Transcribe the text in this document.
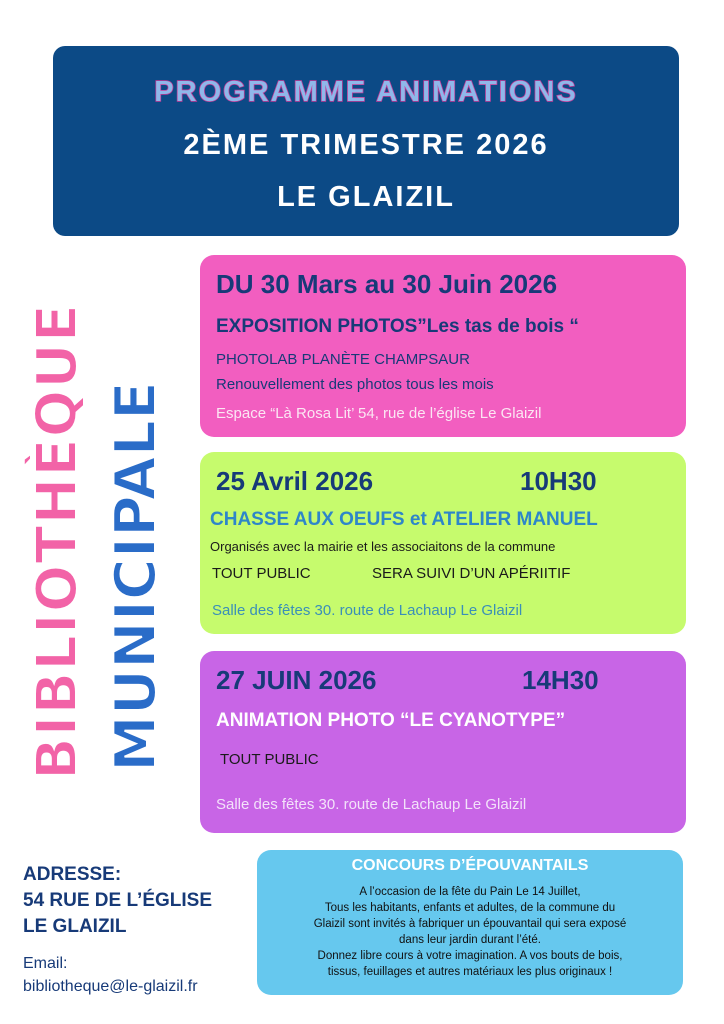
PROGRAMME ANIMATIONS
2ÈME TRIMESTRE 2026
LE GLAIZIL
BIBLIOTHÈQUE MUNICIPALE
DU 30 Mars au 30 Juin 2026
EXPOSITION PHOTOS”Les tas de bois “
PHOTOLAB PLANÈTE CHAMPSAUR
Renouvellement des photos tous les mois
Espace “Là Rosa Lit’ 54, rue de l’église Le Glaizil
25 Avril 2026	10H30
CHASSE AUX OEUFS et ATELIER MANUEL
Organisés avec la mairie et les associaitons de la commune
TOUT PUBLIC	SERA SUIVI D’UN APÉRIITIF
Salle des fêtes 30. route de Lachaup Le Glaizil
27 JUIN 2026	14H30
ANIMATION PHOTO “LE CYANOTYPE”
TOUT PUBLIC
Salle des fêtes 30. route de Lachaup Le Glaizil
ADRESSE:
54 RUE DE L’ÉGLISE
LE GLAIZIL
Email:
bibliotheque@le-glaizil.fr
CONCOURS D’ÉPOUVANTAILS
A l’occasion de la fête du Pain Le 14 Juillet,
Tous les habitants, enfants et adultes, de la commune du
Glaizil sont invités à fabriquer un épouvantail qui sera exposé
dans leur jardin durant l’été.
Donnez libre cours à votre imagination. A vos bouts de bois,
tissus, feuillages et autres matériaux les plus originaux !
